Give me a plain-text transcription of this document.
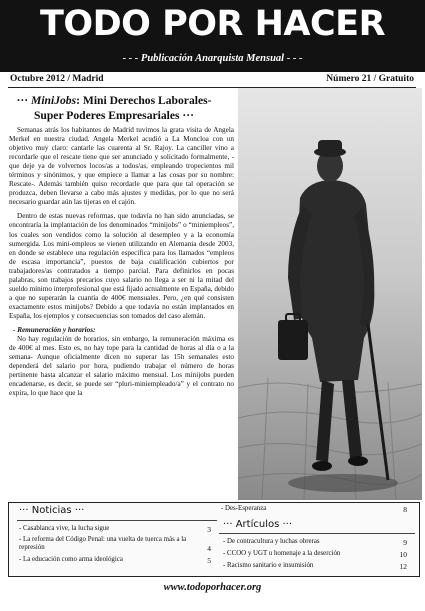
TODO POR HACER
- - - Publicación Anarquista Mensual - - -
Octubre 2012 / Madrid	Número 21 / Gratuito
··· MiniJobs: Mini Derechos Laborales-
Super Poderes Empresariales ···

Semanas atrás los habitantes de Madrid tuvimos la grata visita de Angela Merkel en nuestra ciudad. Angela Merkel acudió a La Moncloa con un objetivo muy claro: cantarle las cuarenta al Sr. Rajoy. La canciller vino a recordarle que el rescate tiene que ser anunciado y solicitado formalmente, -que deje ya de volvernos locos/as a todos/as, empleando tropecientos mil términos y sinónimos, y que empiece a llamar a las cosas por su nombre: Rescate-. Además también quiso recordarle que para que tal operación se produzca, deben llevarse a cabo más ajustes y medidas, por lo que no será necesario guardar aún las tijeras en el cajón.

Dentro de estas nuevas reformas, que todavía no han sido anunciadas, se encontraría la implantación de los denominados “minijobs” o “miniempleos”, los cuales son vendidos como la solución al desempleo y a la economía sumergida. Los mini-empleos se vienen utilizando en Alemania desde 2003, en donde se establece una regulación específica para los llamados “empleos de escasa importancia”, puestos de baja cualificación cubiertos por trabajadores/as contratados a tiempo parcial. Para definirlos en pocas palabras, son trabajos precarios cuyo salario no llega a ser ni la mitad del sueldo mínimo interprofesional que está fijado actualmente en España, debido a que no superarán la cuantía de 400€ mensuales. Pero, ¿en qué consisten exactamente estos minijobs? Debido a que todavía no están implantados en España, los ejemplos y consecuencias son tomados del caso alemán.

- Remuneración y horarios:

No hay regulación de horarios, sin embargo, la remuneración máxima es de 400€ al mes. Esto es, no hay tope para la cantidad de horas al día o a la semana- Aunque oficialmente dicen no superar las 15h semanales esto dependerá del salario por hora, pudiendo trabajar el número de horas pertinente hasta alcanzar el salario máximo mensual. Los minijobs pueden encadenarse, es decir, se puede ser “pluri-miniempleado/a” y el contrato no expira, lo que hace que la

··· Noticias ···
- Casablanca vive, la lucha sigue	3
- La reforma del Código Penal: una vuelta de tuerca más a la represión	4
- La educación como arma ideológica	5
- Des-Esperanza	8
··· Artículos ···
- De contracultura y luchas obreras	9
- CCOO y UGT u homenaje a la deserción	10
- Racismo sanitario e insumisión	12
www.todoporhacer.org
